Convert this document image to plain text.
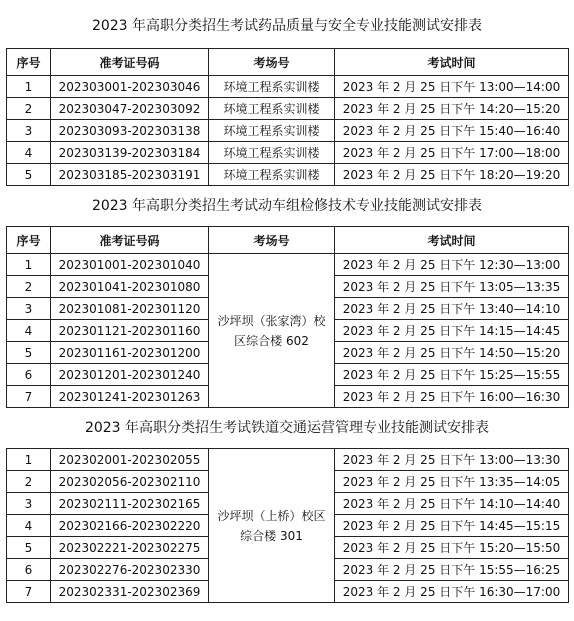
2023 年高职分类招生考试药品质量与安全专业技能测试安排表
序号	准考证号码	考场号	考试时间
1	202303001-202303046	环境工程系实训楼	2023 年 2 月 25 日下午 13:00—14:00
2	202303047-202303092	环境工程系实训楼	2023 年 2 月 25 日下午 14:20—15:20
3	202303093-202303138	环境工程系实训楼	2023 年 2 月 25 日下午 15:40—16:40
4	202303139-202303184	环境工程系实训楼	2023 年 2 月 25 日下午 17:00—18:00
5	202303185-202303191	环境工程系实训楼	2023 年 2 月 25 日下午 18:20—19:20
2023 年高职分类招生考试动车组检修技术专业技能测试安排表
序号	准考证号码	考场号	考试时间
1	202301001-202301040	沙坪坝（张家湾）校区综合楼 602	2023 年 2 月 25 日下午 12:30—13:00
2	202301041-202301080		2023 年 2 月 25 日下午 13:05—13:35
3	202301081-202301120		2023 年 2 月 25 日下午 13:40—14:10
4	202301121-202301160		2023 年 2 月 25 日下午 14:15—14:45
5	202301161-202301200		2023 年 2 月 25 日下午 14:50—15:20
6	202301201-202301240		2023 年 2 月 25 日下午 15:25—15:55
7	202301241-202301263		2023 年 2 月 25 日下午 16:00—16:30
2023 年高职分类招生考试铁道交通运营管理专业技能测试安排表
1	202302001-202302055	沙坪坝（上桥）校区综合楼 301	2023 年 2 月 25 日下午 13:00—13:30
2	202302056-202302110		2023 年 2 月 25 日下午 13:35—14:05
3	202302111-202302165		2023 年 2 月 25 日下午 14:10—14:40
4	202302166-202302220		2023 年 2 月 25 日下午 14:45—15:15
5	202302221-202302275		2023 年 2 月 25 日下午 15:20—15:50
6	202302276-202302330		2023 年 2 月 25 日下午 15:55—16:25
7	202302331-202302369		2023 年 2 月 25 日下午 16:30—17:00
